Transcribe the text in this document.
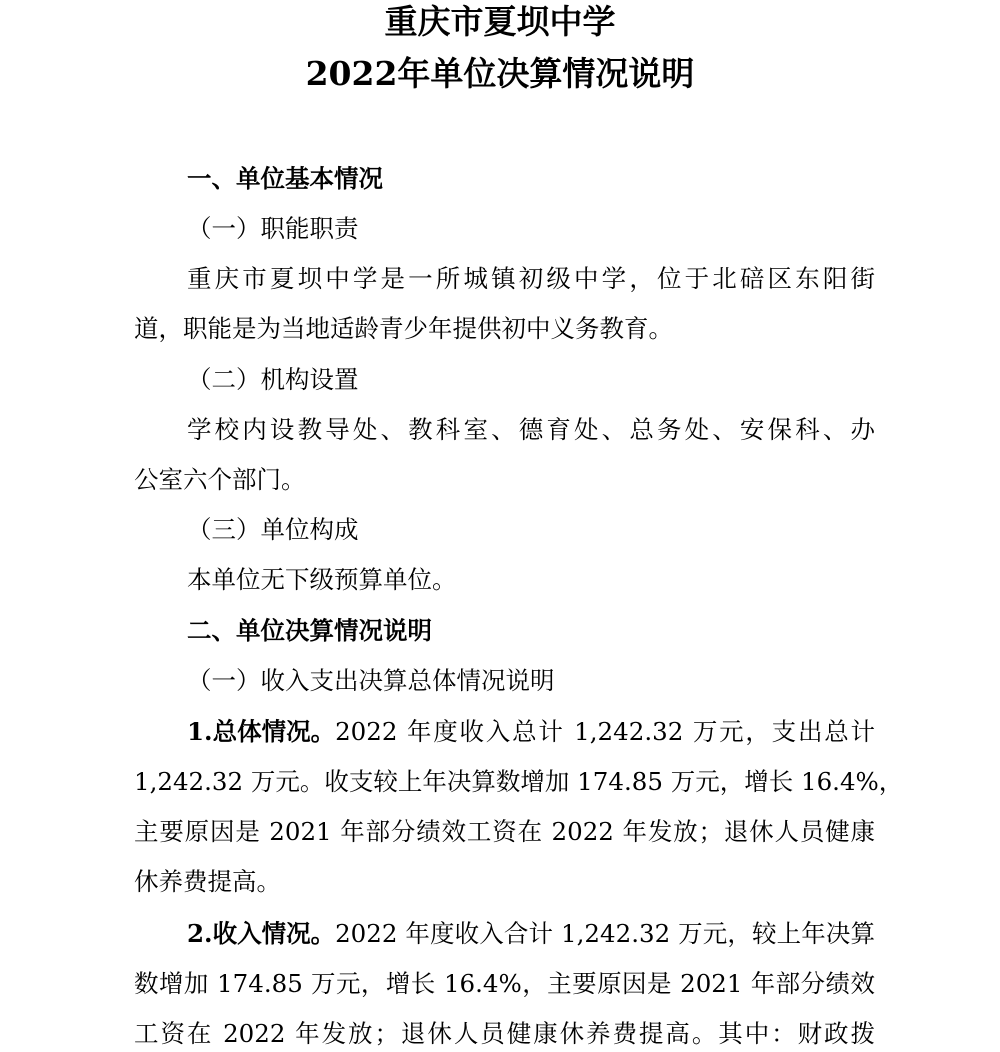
重庆市夏坝中学
2022年单位决算情况说明

一、单位基本情况

（一）职能职责

重庆市夏坝中学是一所城镇初级中学，位于北碚区东阳街

道，职能是为当地适龄青少年提供初中义务教育。

（二）机构设置

学校内设教导处、教科室、德育处、总务处、安保科、办

公室六个部门。

（三）单位构成

本单位无下级预算单位。

二、单位决算情况说明

（一）收入支出决算总体情况说明

1.总体情况。 2022 年度收入总计 1,242.32 万元，支出总计

1,242.32 万元。收支较上年决算数增加 174.85 万元，增长 16.4%，

主要原因是 2021 年部分绩效工资在 2022 年发放；退休人员健康

休养费提高。

2.收入情况。 2022 年度收入合计 1,242.32 万元，较上年决算

数增加 174.85 万元，增长 16.4%，主要原因是 2021 年部分绩效

工资在 2022 年发放；退休人员健康休养费提高。其中：财政拨
